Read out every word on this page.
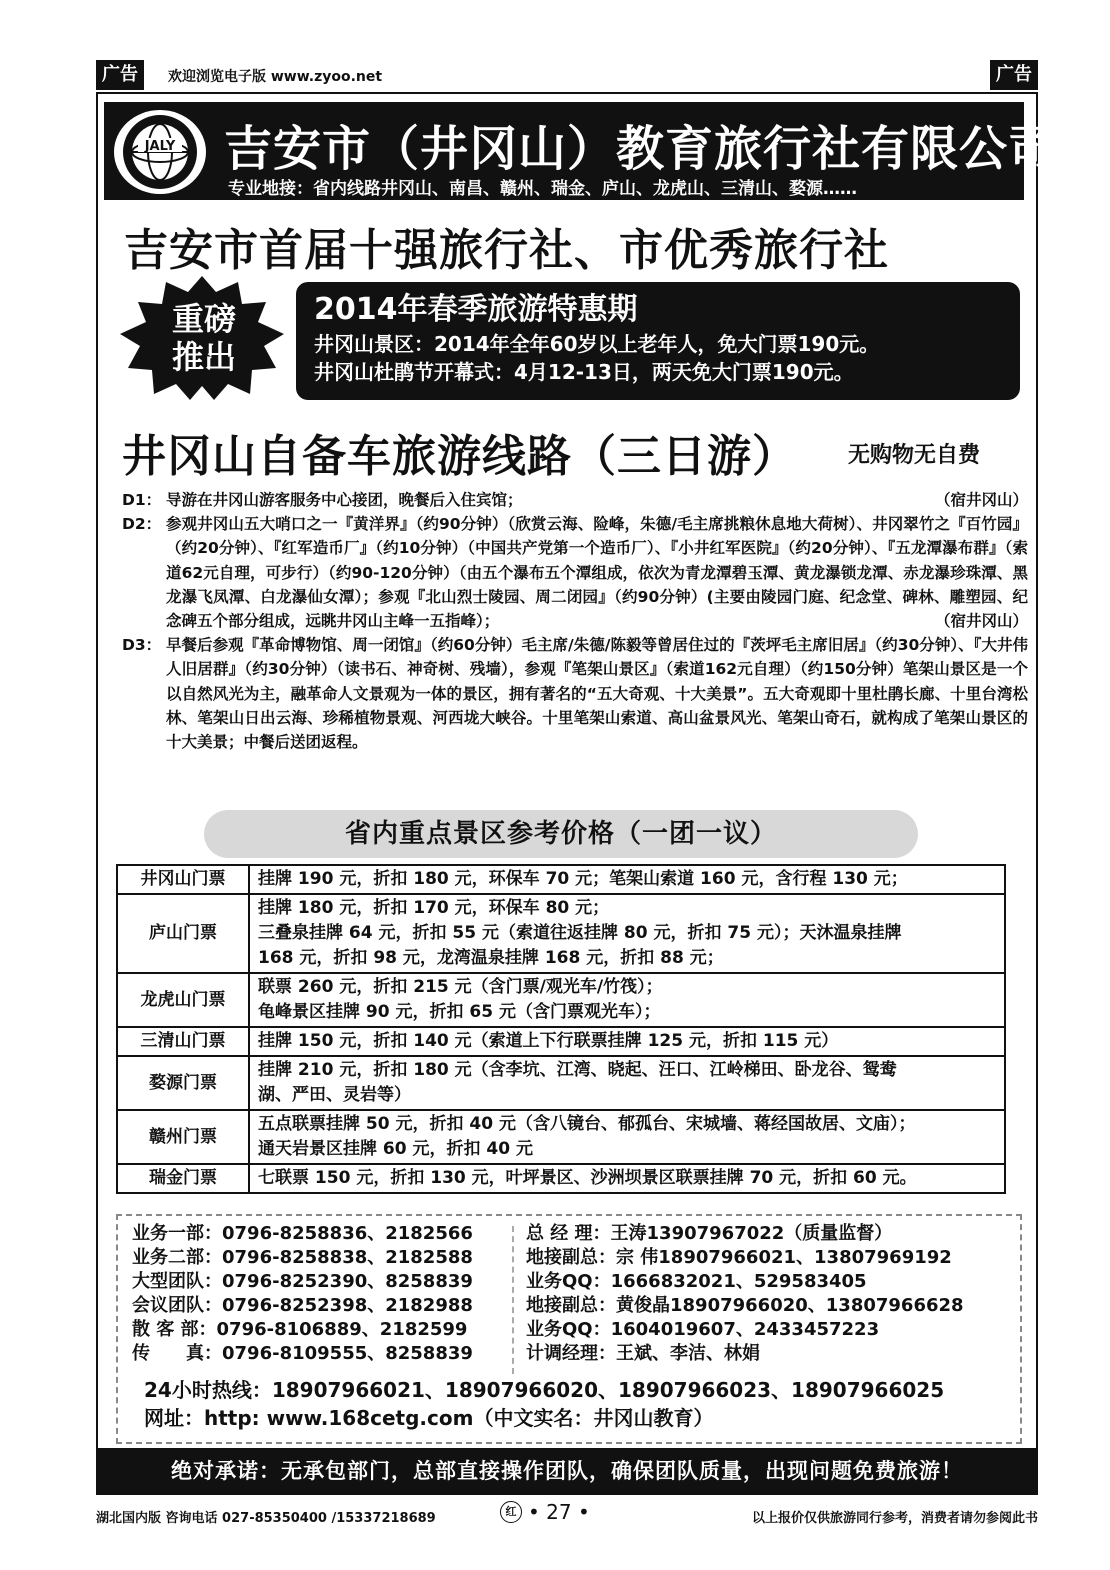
广告	欢迎浏览电子版 www.zyoo.net	广告
JALY 吉安市（井冈山）教育旅行社有限公司
专业地接：省内线路井冈山、南昌、赣州、瑞金、庐山、龙虎山、三清山、婺源……
吉安市首届十强旅行社、市优秀旅行社
重磅
推出
2014年春季旅游特惠期
井冈山景区：2014年全年60岁以上老年人，免大门票190元。
井冈山杜鹃节开幕式：4月12-13日，两天免大门票190元。
井冈山自备车旅游线路（三日游） 无购物无自费
D1： 导游在井冈山游客服务中心接团，晚餐后入住宾馆；	（宿井冈山）
D2： 参观井冈山五大哨口之一『黄洋界』（约90分钟）（欣赏云海、险峰，朱德/毛主席挑粮休息地大荷树）、井冈翠竹之『百竹园』（约20分钟）、『红军造币厂』（约10分钟）（中国共产党第一个造币厂）、『小井红军医院』（约20分钟）、『五龙潭瀑布群』（索道62元自理，可步行）（约90-120分钟）（由五个瀑布五个潭组成，依次为青龙潭碧玉潭、黄龙瀑锁龙潭、赤龙瀑珍珠潭、黑龙瀑飞凤潭、白龙瀑仙女潭）；参观『北山烈士陵园、周二闭园』（约90分钟）(主要由陵园门庭、纪念堂、碑林、雕塑园、纪念碑五个部分组成，远眺井冈山主峰一五指峰）；	（宿井冈山）
D3： 早餐后参观『革命博物馆、周一闭馆』（约60分钟）毛主席/朱德/陈毅等曾居住过的『茨坪毛主席旧居』（约30分钟）、『大井伟人旧居群』（约30分钟）（读书石、神奇树、残墙），参观『笔架山景区』（索道162元自理）（约150分钟）笔架山景区是一个以自然风光为主，融革命人文景观为一体的景区，拥有著名的“五大奇观、十大美景”。五大奇观即十里杜鹃长廊、十里台湾松林、笔架山日出云海、珍稀植物景观、河西垅大峡谷。十里笔架山索道、高山盆景风光、笔架山奇石，就构成了笔架山景区的十大美景；中餐后送团返程。
省内重点景区参考价格（一团一议）
井冈山门票	挂牌 190 元，折扣 180 元，环保车 70 元；笔架山索道 160 元，含行程 130 元；

庐山门票	挂牌 180 元，折扣 170 元，环保车 80 元；
三叠泉挂牌 64 元，折扣 55 元（索道往返挂牌 80 元，折扣 75 元）；天沐温泉挂牌
168 元，折扣 98 元，龙湾温泉挂牌 168 元，折扣 88 元；

龙虎山门票	联票 260 元，折扣 215 元（含门票/观光车/竹筏）；
龟峰景区挂牌 90 元，折扣 65 元（含门票观光车）；

三清山门票	挂牌 150 元，折扣 140 元（索道上下行联票挂牌 125 元，折扣 115 元）

婺源门票	挂牌 210 元，折扣 180 元（含李坑、江湾、晓起、汪口、江岭梯田、卧龙谷、鸳鸯
湖、严田、灵岩等）

赣州门票	五点联票挂牌 50 元，折扣 40 元（含八镜台、郁孤台、宋城墙、蒋经国故居、文庙）；
通天岩景区挂牌 60 元，折扣 40 元

瑞金门票	七联票 150 元，折扣 130 元，叶坪景区、沙洲坝景区联票挂牌 70 元，折扣 60 元。
业务一部：0796-8258836、2182566
业务二部：0796-8258838、2182588
大型团队：0796-8252390、8258839
会议团队：0796-8252398、2182988
散 客 部：0796-8106889、2182599
传　　真：0796-8109555、8258839
总 经 理：王涛13907967022（质量监督）
地接副总：宗 伟18907966021、13807969192
业务QQ：1666832021、529583405
地接副总：黄俊晶18907966020、13807966628
业务QQ：1604019607、2433457223
计调经理：王斌、李洁、林娟
24小时热线：18907966021、18907966020、18907966023、18907966025
网址：http: www.168cetg.com（中文实名：井冈山教育）
绝对承诺：无承包部门，总部直接操作团队，确保团队质量，出现问题免费旅游！
湖北国内版 咨询电话 027-85350400 /15337218689	红 • 27 •	以上报价仅供旅游同行参考，消费者请勿参阅此书
